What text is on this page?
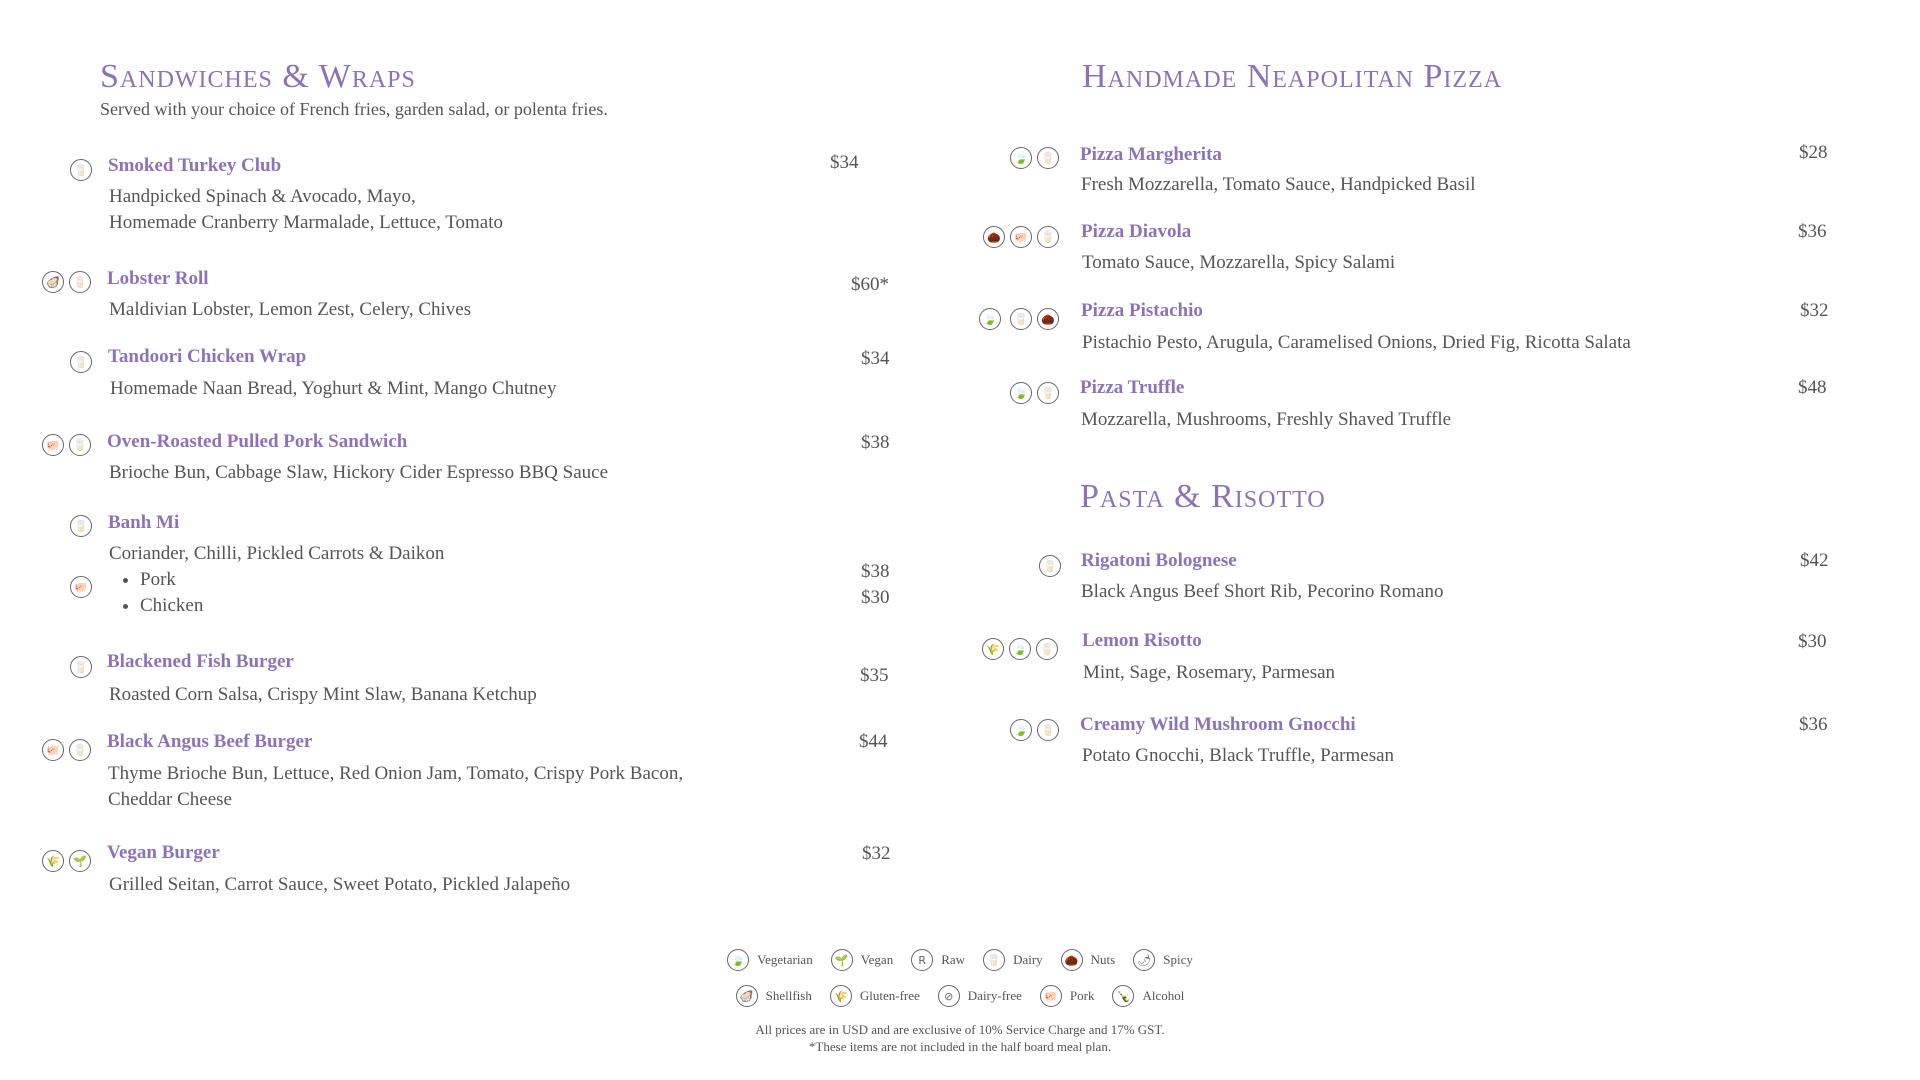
Sandwiches & Wraps
Served with your choice of French fries, garden salad, or polenta fries.
🥛 Smoked Turkey Club	$34
Handpicked Spinach & Avocado, Mayo,
Homemade Cranberry Marmalade, Lettuce, Tomato
🦪	🥛 Lobster Roll	$60*
Maldivian Lobster, Lemon Zest, Celery, Chives
🥛 Tandoori Chicken Wrap	$34
Homemade Naan Bread, Yoghurt & Mint, Mango Chutney
🐖	🥛 Oven-Roasted Pulled Pork Sandwich	$38
Brioche Bun, Cabbage Slaw, Hickory Cider Espresso BBQ Sauce
🥛 Banh Mi
Coriander, Chilli, Pickled Carrots & Daikon
🐖
•	Pork
• Chicken
$38
$30
🥛 Blackened Fish Burger
$35
Roasted Corn Salsa, Crispy Mint Slaw, Banana Ketchup
🐖	🥛 Black Angus Beef Burger	$44
Thyme Brioche Bun, Lettuce, Red Onion Jam, Tomato, Crispy Pork Bacon,
Cheddar Cheese
🌾	🌱 Vegan Burger	$32
Grilled Seitan, Carrot Sauce, Sweet Potato, Pickled Jalapeño
Handmade Neapolitan Pizza
🍃	🥛 Pizza Margherita	$28
Fresh Mozzarella, Tomato Sauce, Handpicked Basil
🌰	🐖	🥛 Pizza Diavola	$36
Tomato Sauce, Mozzarella, Spicy Salami
🍃	🥛	🌰 Pizza Pistachio	$32
Pistachio Pesto, Arugula, Caramelised Onions, Dried Fig, Ricotta Salata
🍃	🥛 Pizza Truffle	$48
Mozzarella, Mushrooms, Freshly Shaved Truffle
Pasta & Risotto
🥛 Rigatoni Bolognese	$42
Black Angus Beef Short Rib, Pecorino Romano
🌾	🍃	🥛 Lemon Risotto	$30
Mint, Sage, Rosemary, Parmesan
🍃	🥛 Creamy Wild Mushroom Gnocchi	$36
Potato Gnocchi, Black Truffle, Parmesan
🍃 Vegetarian	🌱 Vegan	R	Raw	🥛 Dairy	🌰 Nuts	🌶 Spicy
🦪 Shellfish	🌾 Gluten-free	⊘	Dairy-free	🐖 Pork	🍾 Alcohol
All prices are in USD and are exclusive of 10% Service Charge and 17% GST.
*These items are not included in the half board meal plan.
